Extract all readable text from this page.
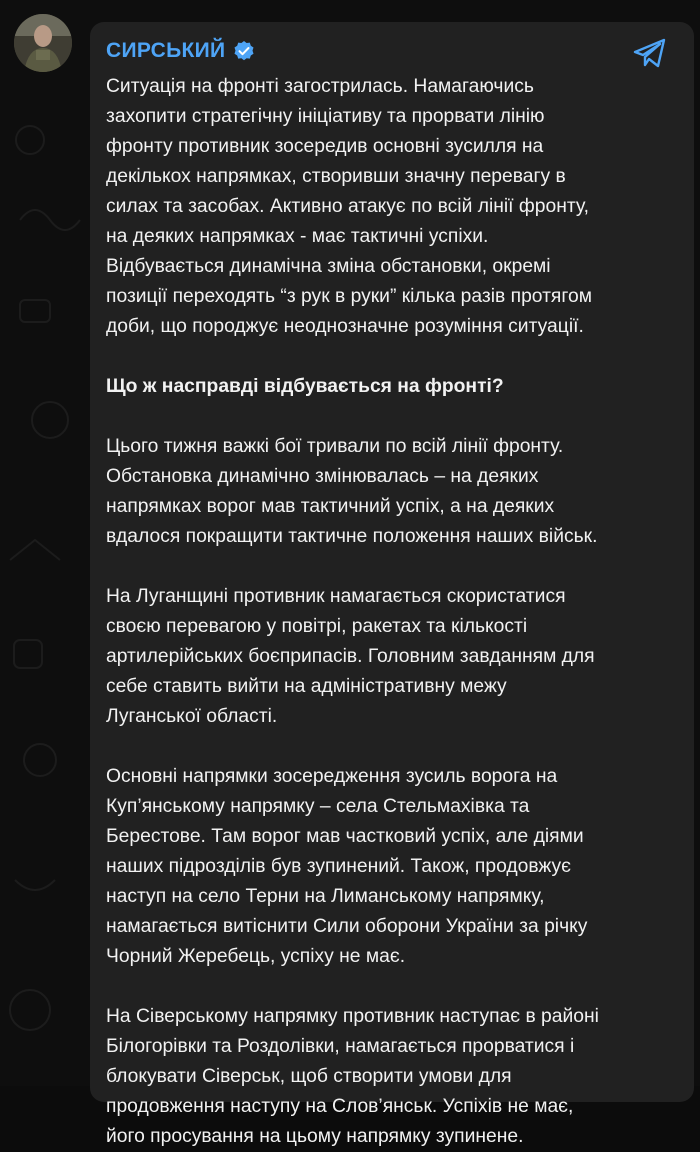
СИРСЬКИЙ

Ситуація на фронті загострилась. Намагаючись
захопити стратегічну ініціативу та прорвати лінію
фронту противник зосередив основні зусилля на
декількох напрямках, створивши значну перевагу в
силах та засобах. Активно атакує по всій лінії фронту,
на деяких напрямках - має тактичні успіхи.
Відбувається динамічна зміна обстановки, окремі
позиції переходять “з рук в руки” кілька разів протягом
доби, що породжує неоднозначне розуміння ситуації.

Що ж насправді відбувається на фронті?

Цього тижня важкі бої тривали по всій лінії фронту.
Обстановка динамічно змінювалась – на деяких
напрямках ворог мав тактичний успіх, а на деяких
вдалося покращити тактичне положення наших військ.

На Луганщині противник намагається скористатися
своєю перевагою у повітрі, ракетах та кількості
артилерійських боєприпасів. Головним завданням для
себе ставить вийти на адміністративну межу
Луганської області.

Основні напрямки зосередження зусиль ворога на
Куп’янському напрямку – села Стельмахівка та
Берестове. Там ворог мав частковий успіх, але діями
наших підрозділів був зупинений. Також, продовжує
наступ на село Терни на Лиманському напрямку,
намагається витіснити Сили оборони України за річку
Чорний Жеребець, успіху не має.

На Сіверському напрямку противник наступає в районі
Білогорівки та Роздолівки, намагається прорватися і
блокувати Сіверськ, щоб створити умови для
продовження наступу на Слов’янськ. Успіхів не має,
його просування на цьому напрямку зупинене.
